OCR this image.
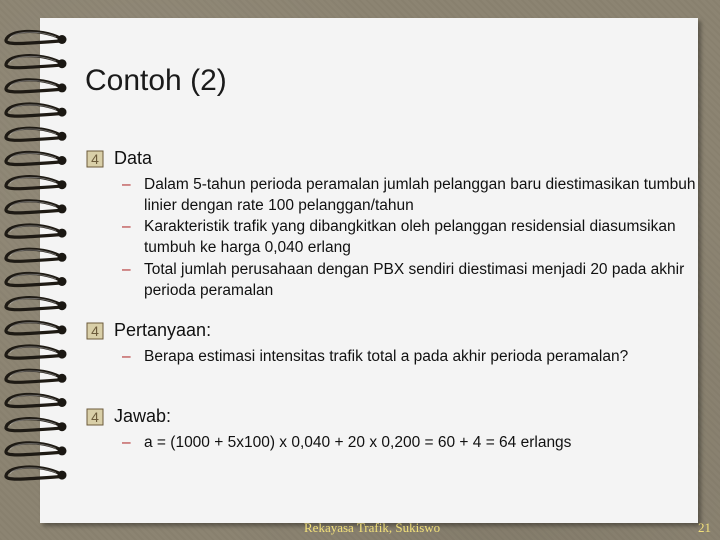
Contoh (2)
4 Data
– Dalam 5-tahun perioda peramalan jumlah pelanggan baru diestimasikan tumbuh linier dengan rate 100 pelanggan/tahun
– Karakteristik trafik yang dibangkitkan oleh pelanggan residensial diasumsikan tumbuh ke harga 0,040 erlang
– Total jumlah perusahaan dengan PBX sendiri diestimasi menjadi 20 pada akhir perioda peramalan
4 Pertanyaan:
– Berapa estimasi intensitas trafik total a pada akhir perioda peramalan?
4 Jawab:
– a = (1000 + 5x100) x 0,040 + 20 x 0,200 = 60 + 4 = 64 erlangs
Rekayasa Trafik, Sukiswo	21
